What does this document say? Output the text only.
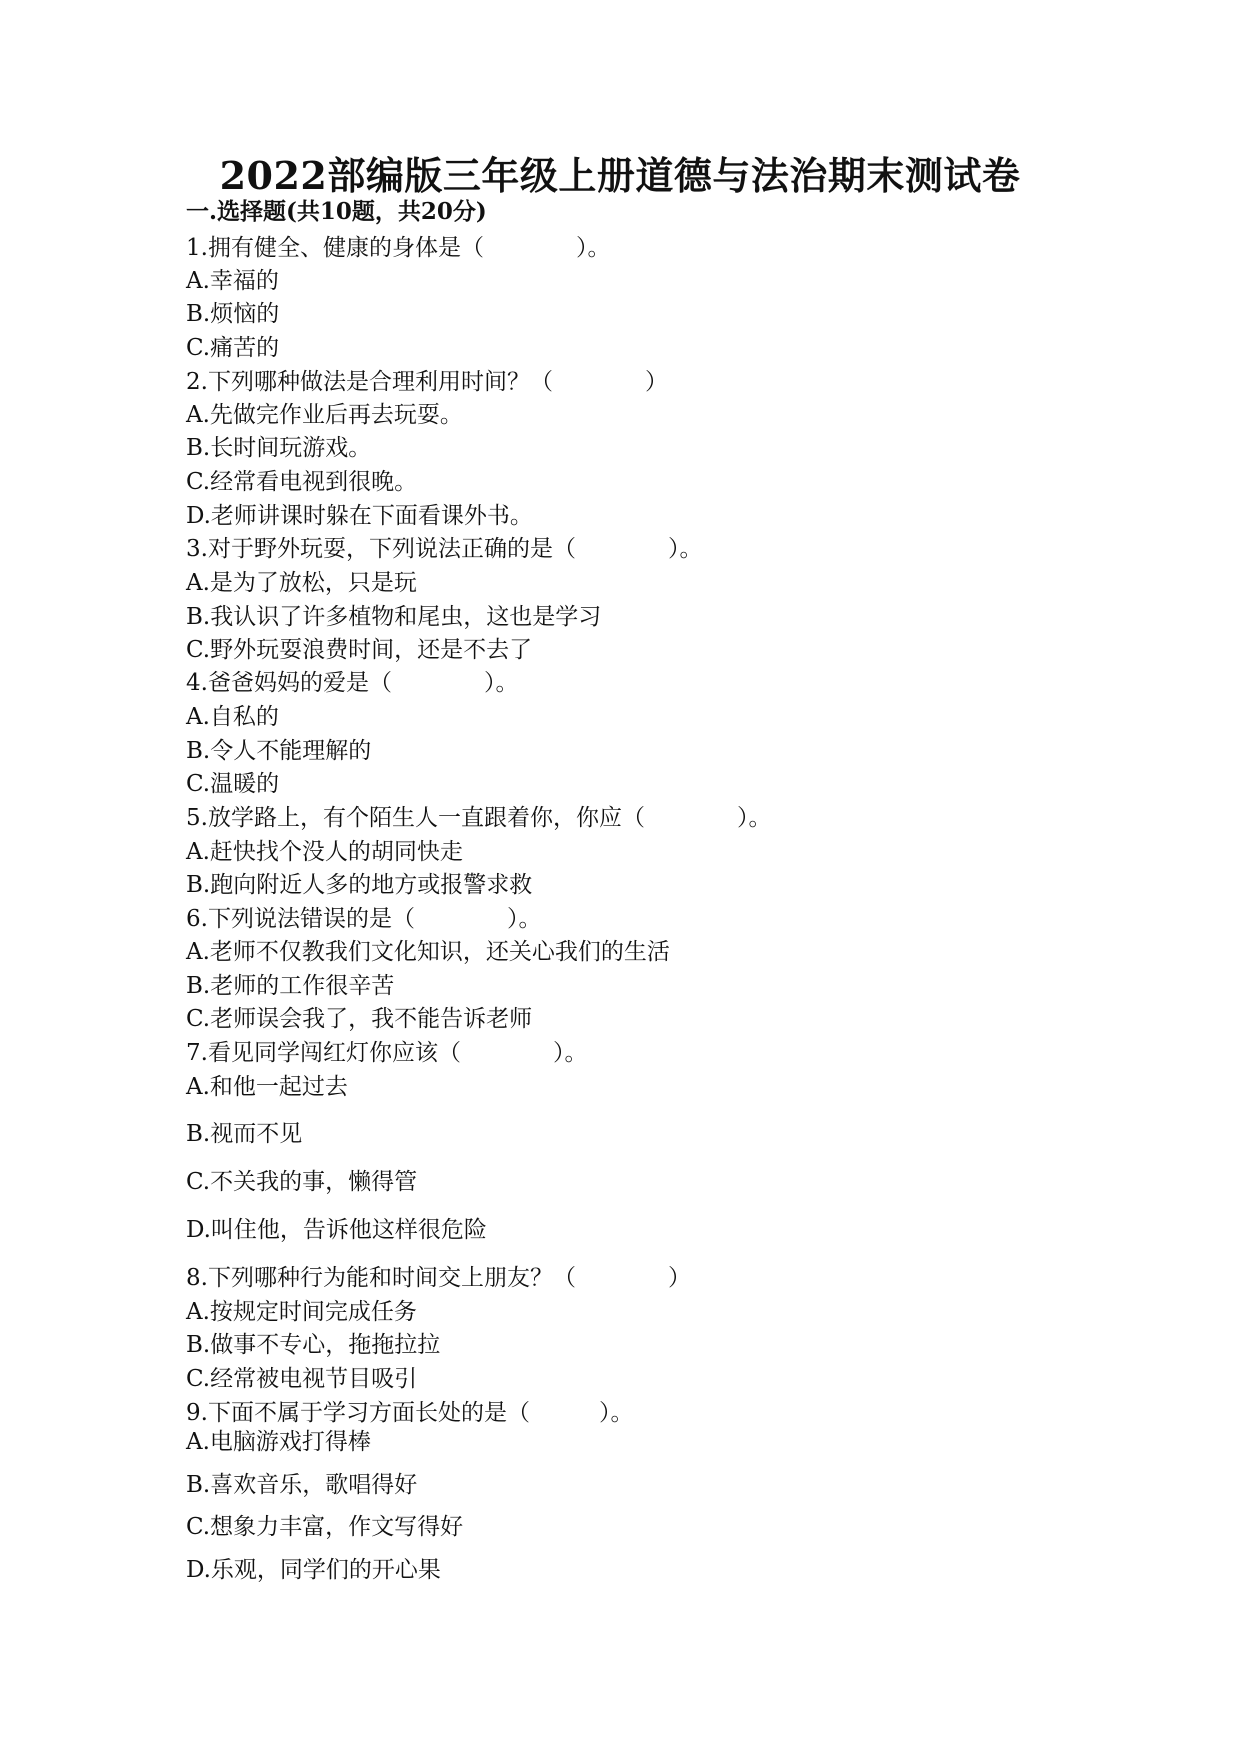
2022部编版三年级上册道德与法治期末测试卷
一.选择题(共10题，共20分)
1.拥有健全、健康的身体是（　　　　）。
A.幸福的
B.烦恼的
C.痛苦的
2.下列哪种做法是合理利用时间？（　　　　）
A.先做完作业后再去玩耍。
B.长时间玩游戏。
C.经常看电视到很晚。
D.老师讲课时躲在下面看课外书。
3.对于野外玩耍，下列说法正确的是（　　　　）。
A.是为了放松，只是玩
B.我认识了许多植物和尾虫，这也是学习
C.野外玩耍浪费时间，还是不去了
4.爸爸妈妈的爱是（　　　　）。
A.自私的
B.令人不能理解的
C.温暖的
5.放学路上，有个陌生人一直跟着你，你应（　　　　）。
A.赶快找个没人的胡同快走
B.跑向附近人多的地方或报警求救
6.下列说法错误的是（　　　　）。
A.老师不仅教我们文化知识，还关心我们的生活
B.老师的工作很辛苦
C.老师误会我了，我不能告诉老师
7.看见同学闯红灯你应该（　　　　）。
A.和他一起过去
B.视而不见
C.不关我的事，懒得管
D.叫住他，告诉他这样很危险
8.下列哪种行为能和时间交上朋友？（　　　　）
A.按规定时间完成任务
B.做事不专心，拖拖拉拉
C.经常被电视节目吸引
9.下面不属于学习方面长处的是（　　　）。
A.电脑游戏打得棒
B.喜欢音乐，歌唱得好
C.想象力丰富，作文写得好
D.乐观，同学们的开心果
